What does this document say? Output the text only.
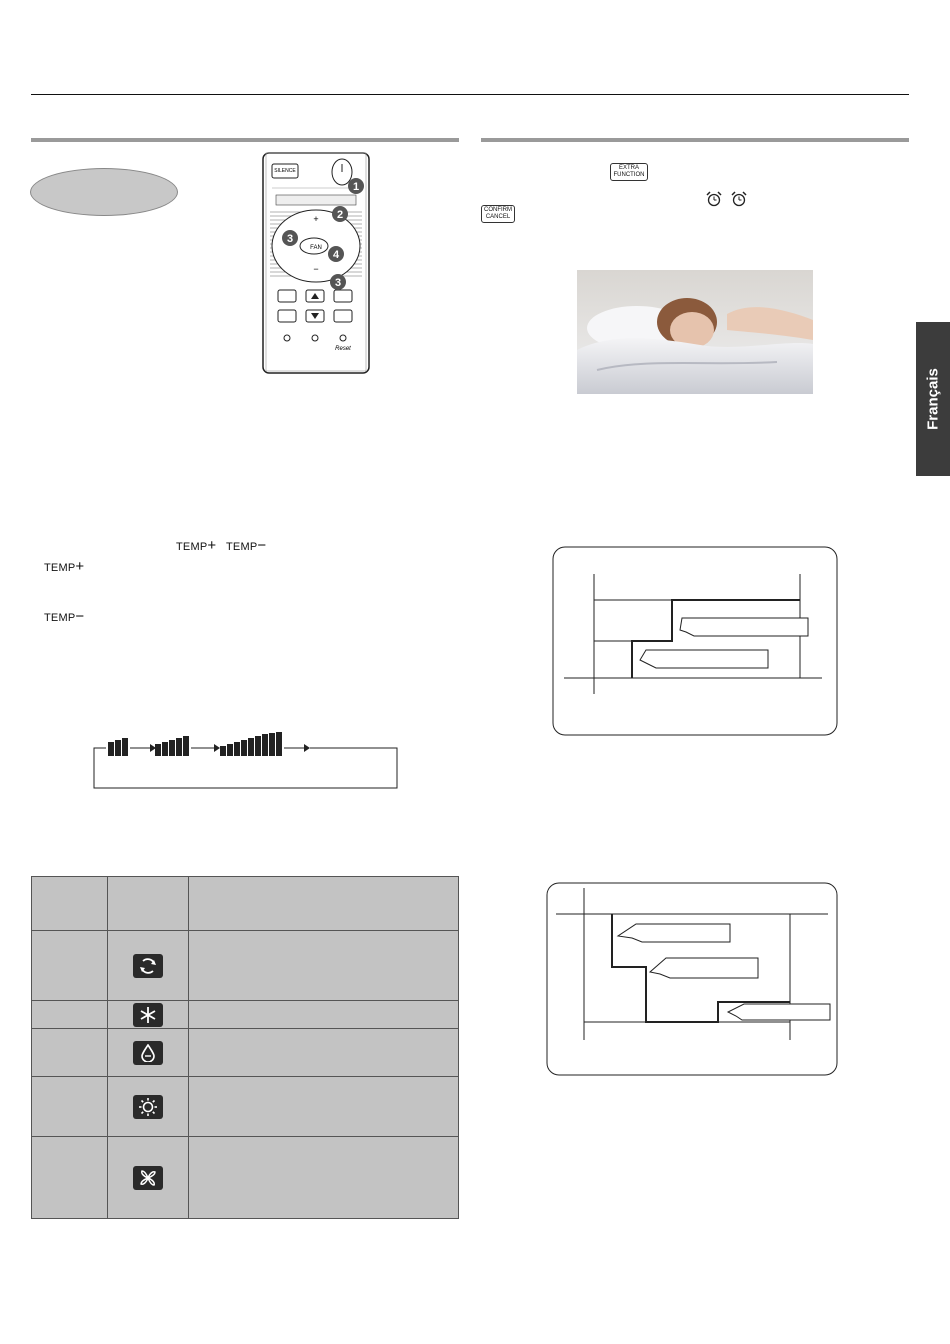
SILENCE
FAN
+
−
Reset
1
2
3
4
3
TEMP+ TEMP−
TEMP+
TEMP−

EXTRA
FUNCTION
CONFIRM
CANCEL
Français
